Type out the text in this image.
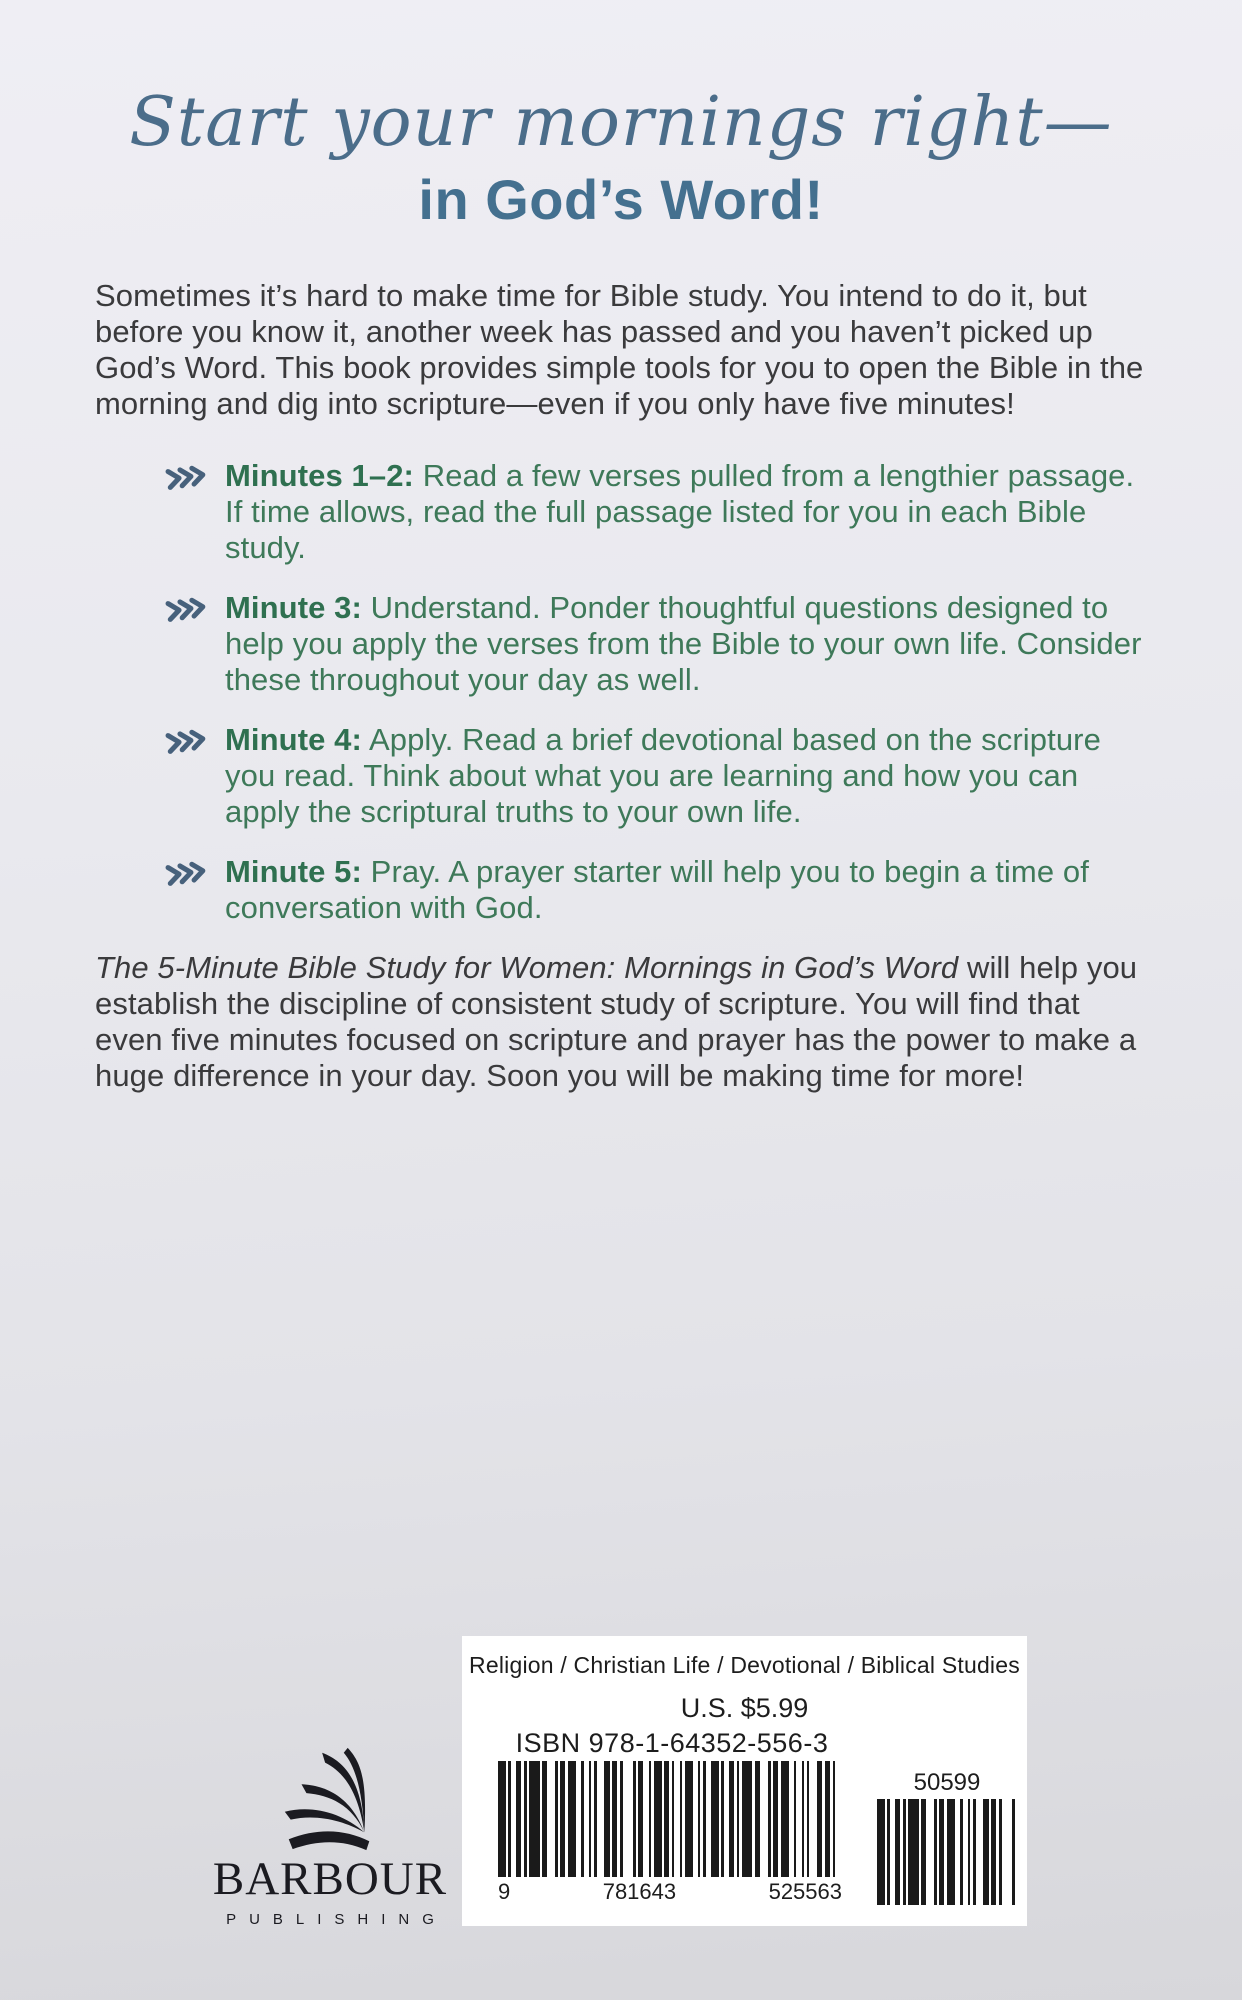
Start your mornings right—
in God’s Word!

Sometimes it’s hard to make time for Bible study. You intend to do it, but before you know it, another week has passed and you haven’t picked up God’s Word. This book provides simple tools for you to open the Bible in the morning and dig into scripture—even if you only have five minutes!

Minutes 1–2: Read a few verses pulled from a lengthier passage. If time allows, read the full passage listed for you in each Bible study.
Minute 3: Understand. Ponder thoughtful questions designed to help you apply the verses from the Bible to your own life. Consider these throughout your day as well.
Minute 4: Apply. Read a brief devotional based on the scripture you read. Think about what you are learning and how you can apply the scriptural truths to your own life.
Minute 5: Pray. A prayer starter will help you to begin a time of conversation with God.

The 5-Minute Bible Study for Women: Mornings in God’s Word will help you establish the discipline of consistent study of scripture. You will find that even five minutes focused on scripture and prayer has the power to make a huge difference in your day. Soon you will be making time for more!

Religion / Christian Life / Devotional / Biblical Studies
U.S. $5.99
ISBN 978-1-64352-556-3
9	781643	525563
50599
BARBOUR
PUBLISHING
